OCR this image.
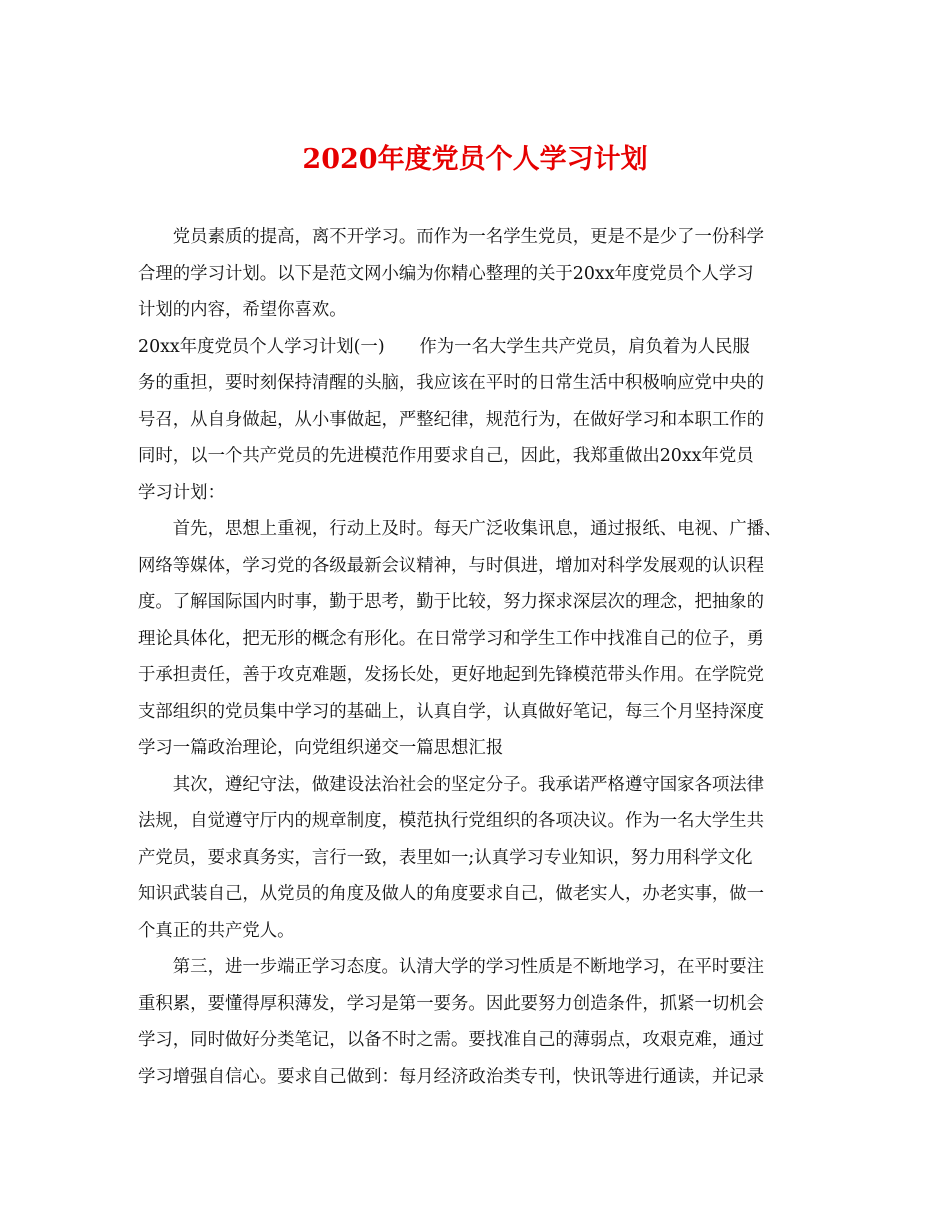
2020年度党员个人学习计划
　　党员素质的提高，离不开学习。而作为一名学生党员，更是不是少了一份科学
合理的学习计划。以下是范文网小编为你精心整理的关于20xx年度党员个人学习
计划的内容，希望你喜欢。
20xx年度党员个人学习计划(一)　　作为一名大学生共产党员，肩负着为人民服
务的重担，要时刻保持清醒的头脑，我应该在平时的日常生活中积极响应党中央的
号召，从自身做起，从小事做起，严整纪律，规范行为，在做好学习和本职工作的
同时，以一个共产党员的先进模范作用要求自己，因此，我郑重做出20xx年党员
学习计划：
　　首先，思想上重视，行动上及时。每天广泛收集讯息，通过报纸、电视、广播、
网络等媒体，学习党的各级最新会议精神，与时俱进，增加对科学发展观的认识程
度。了解国际国内时事，勤于思考，勤于比较，努力探求深层次的理念，把抽象的
理论具体化，把无形的概念有形化。在日常学习和学生工作中找准自己的位子，勇
于承担责任，善于攻克难题，发扬长处，更好地起到先锋模范带头作用。在学院党
支部组织的党员集中学习的基础上，认真自学，认真做好笔记，每三个月坚持深度
学习一篇政治理论，向党组织递交一篇思想汇报
　　其次，遵纪守法，做建设法治社会的坚定分子。我承诺严格遵守国家各项法律
法规，自觉遵守厅内的规章制度，模范执行党组织的各项决议。作为一名大学生共
产党员，要求真务实，言行一致，表里如一;认真学习专业知识，努力用科学文化
知识武装自己，从党员的角度及做人的角度要求自己，做老实人，办老实事，做一
个真正的共产党人。
　　第三，进一步端正学习态度。认清大学的学习性质是不断地学习，在平时要注
重积累，要懂得厚积薄发，学习是第一要务。因此要努力创造条件，抓紧一切机会
学习，同时做好分类笔记，以备不时之需。要找准自己的薄弱点，攻艰克难，通过
学习增强自信心。要求自己做到：每月经济政治类专刊，快讯等进行通读，并记录
